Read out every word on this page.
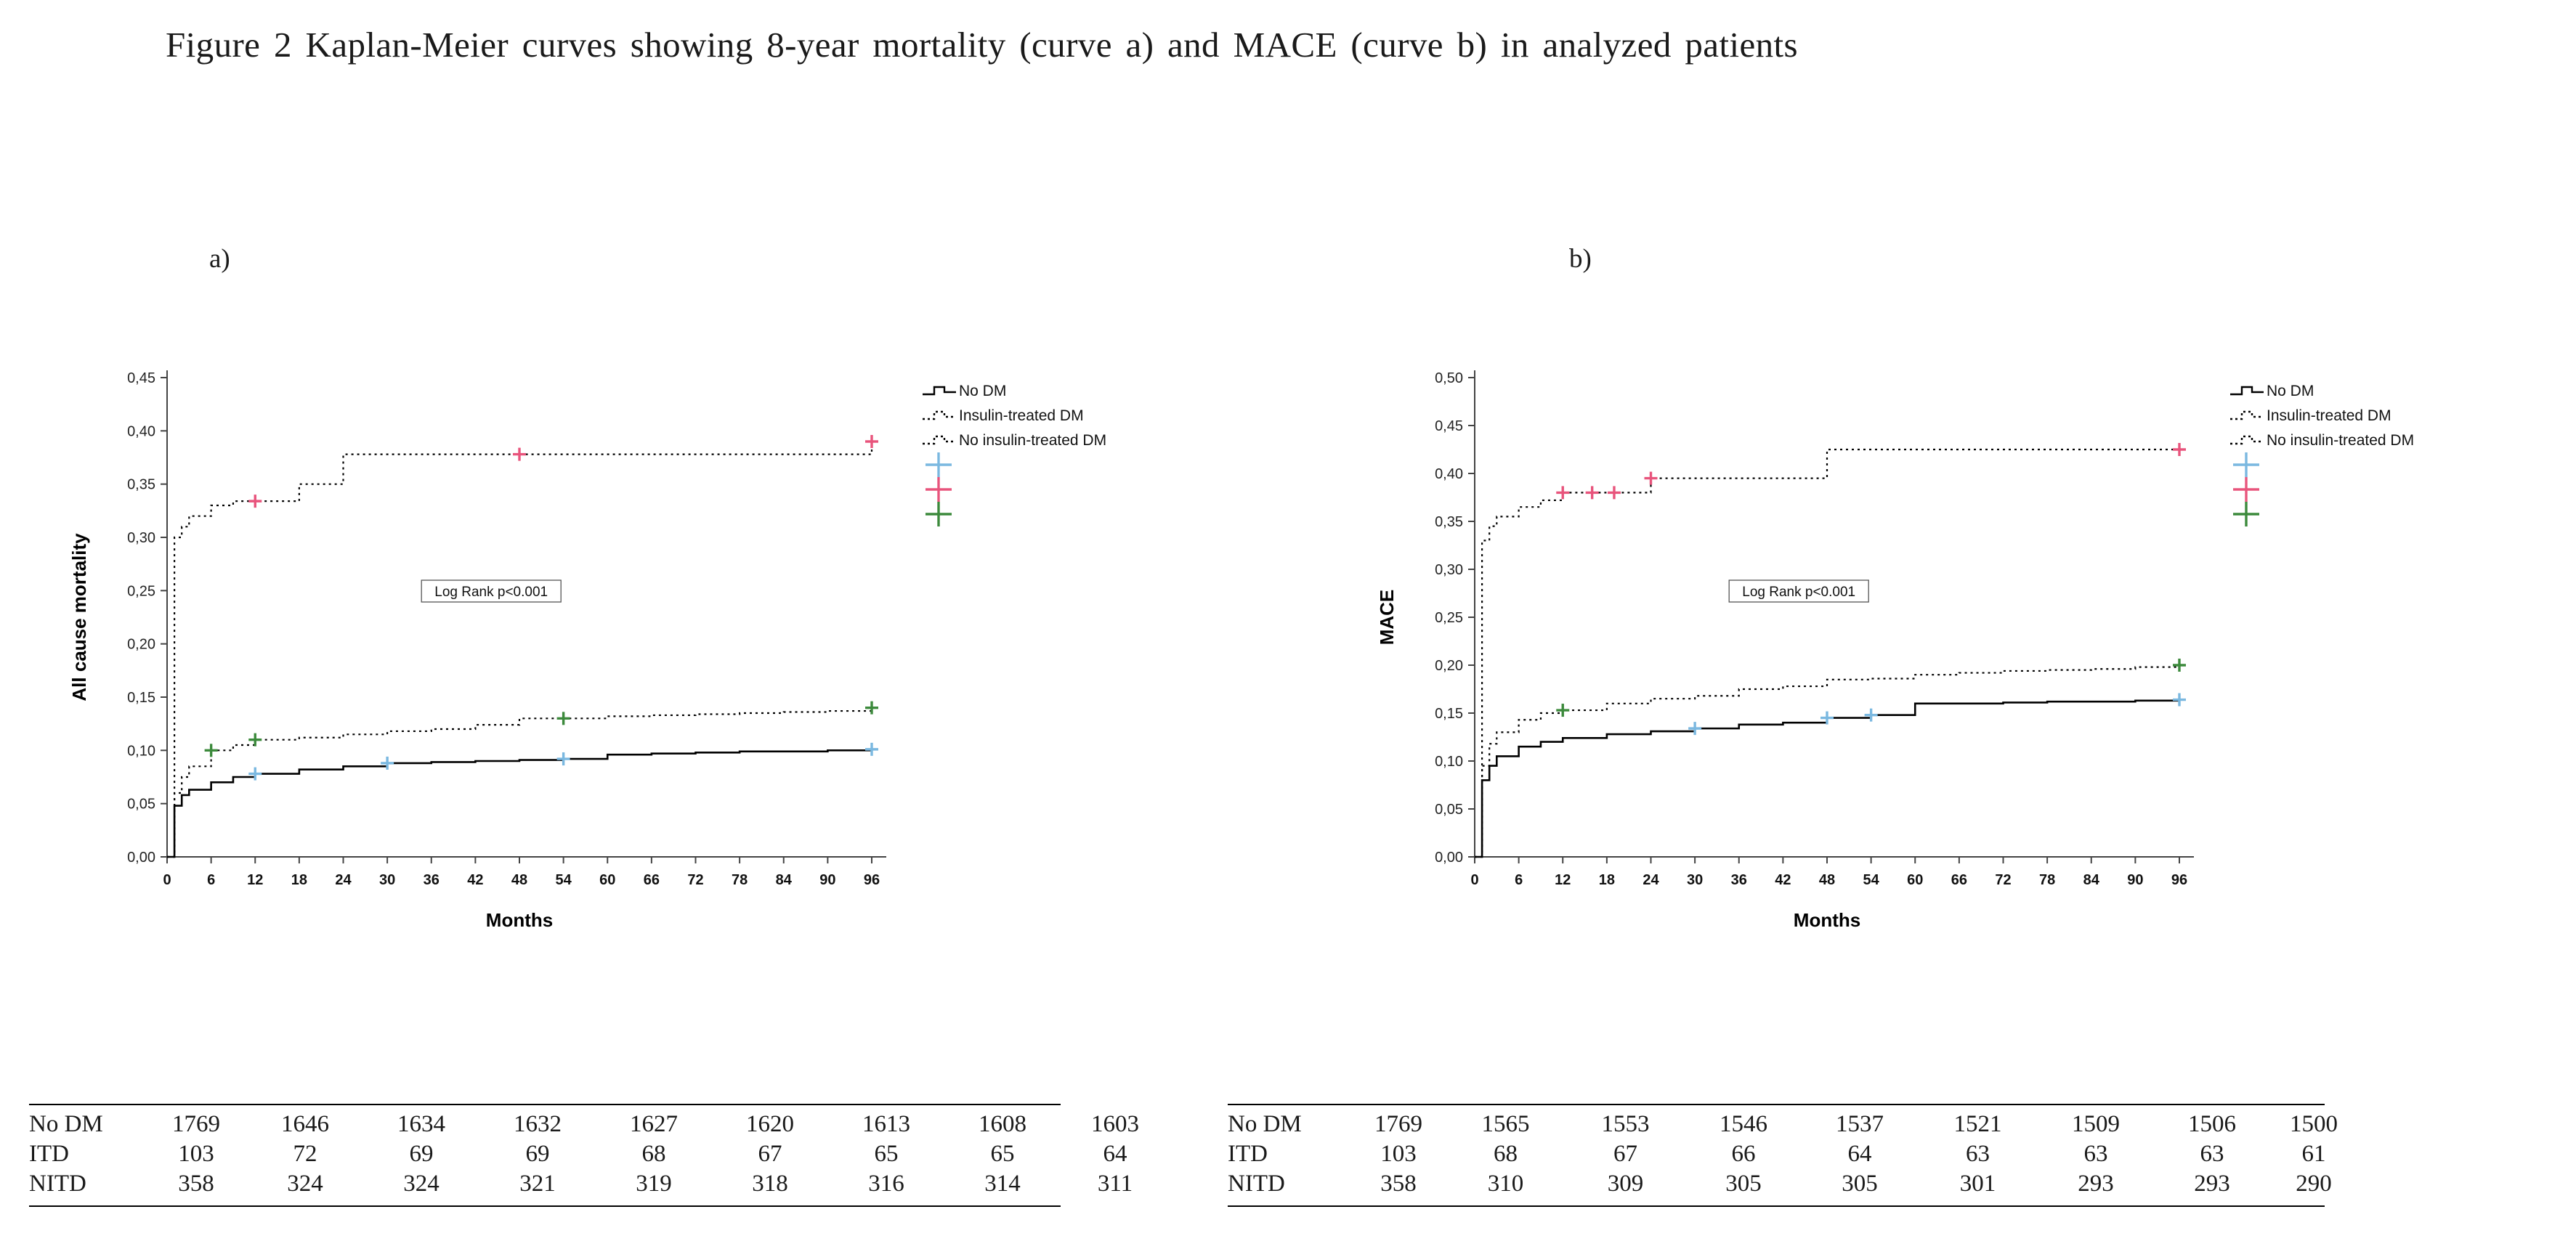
Figure 2 Kaplan-Meier curves showing 8-year mortality (curve a) and MACE (curve b) in analyzed patients
a)	b)
0,00
0,05
0,10
0,15
0,20
0,25
0,30
0,35
0,40
0,45
0 6 12 18 24 30 36 42 48 54 60 66 72 78 84 90 96
Months
All cause mortality	Log Rank p<0.001
No DM
Insulin-treated DM
No insulin-treated DM
0,00
0,05
0,10
0,15
0,20
0,25
0,30
0,35
0,40
0,45
0,50
0 6 12 18 24 30 36 42 48 54 60 66 72 78 84 90 96
Months
MACE	Log Rank p<0.001
No DM
Insulin-treated DM
No insulin-treated DM
No DM	1769	1646	1634	1632	1627	1620	1613	1608	1603
ITD	103	72	69	69	68	67	65	65	64
NITD	358	324	324	321	319	318	316	314	311
No DM	1769	1565	1553	1546	1537	1521	1509	1506	1500
ITD	103	68	67	66	64	63	63	63	61
NITD	358	310	309	305	305	301	293	293	290
